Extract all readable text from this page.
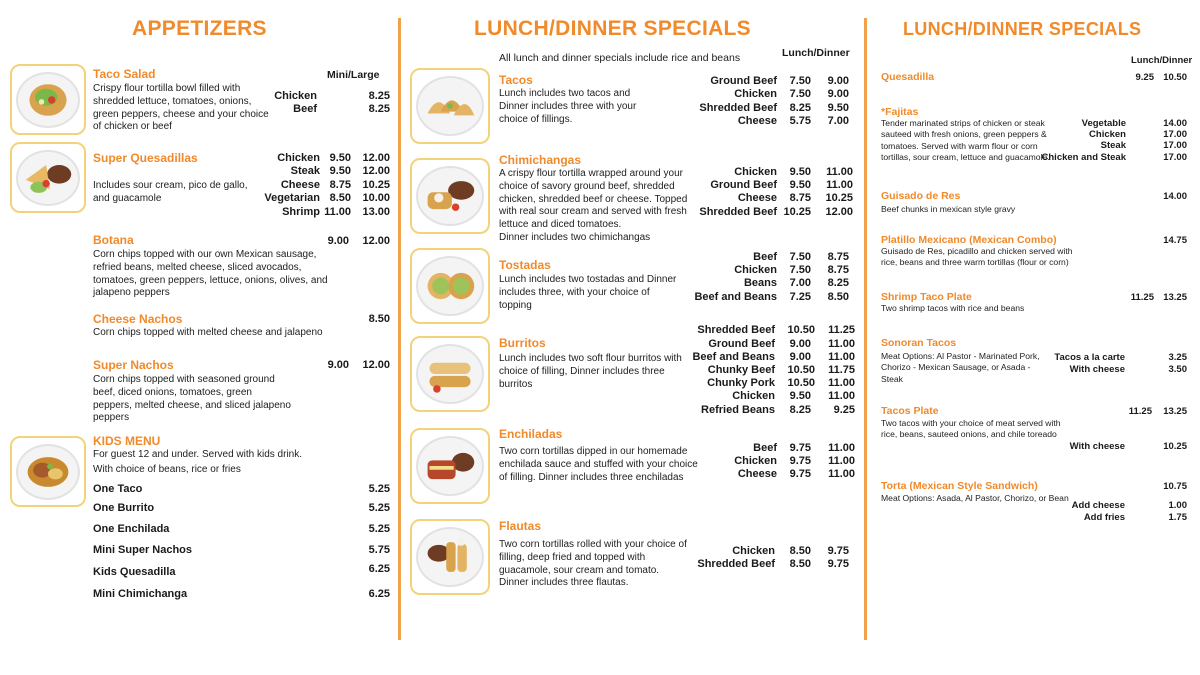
APPETIZERS
Taco Salad	Mini/Large
Crispy flour tortilla bowl filled with shredded lettuce, tomatoes, onions, green peppers, cheese and your choice of chicken or beef
Chicken	8.25
Beef	8.25
Super Quesadillas
Includes sour cream, pico de gallo, and guacamole
Chicken 9.50 12.00
Steak 9.50 12.00
Cheese 8.75 10.25
Vegetarian 8.50 10.00
Shrimp 11.00 13.00
Botana	9.00 12.00
Corn chips topped with our own Mexican sausage, refried beans, melted cheese, sliced avocados, tomatoes, green peppers, lettuce, onions, olives, and jalapeno peppers
Cheese Nachos	8.50
Corn chips topped with melted cheese and jalapeno
Super Nachos	9.00 12.00
Corn chips topped with seasoned ground beef, diced onions, tomatoes, green peppers, melted cheese, and sliced jalapeno peppers
KIDS MENU
For guest 12 and under. Served with kids drink.
With choice of beans, rice or fries
One Taco	5.25
One Burrito	5.25
One Enchilada	5.25
Mini Super Nachos	5.75
Kids Quesadilla	6.25
Mini Chimichanga	6.25
LUNCH/DINNER SPECIALS
All lunch and dinner specials include rice and beans	Lunch/Dinner
Tacos
Lunch includes two tacos and Dinner includes three with your choice of fillings.
Ground Beef 7.50 9.00
Chicken 7.50 9.00
Shredded Beef 8.25 9.50
Cheese 5.75 7.00
Chimichangas
A crispy flour tortilla wrapped around your choice of savory ground beef, shredded chicken, shredded beef or cheese. Topped with real sour cream and served with fresh lettuce and diced tomatoes.
Dinner includes two chimichangas
Chicken 9.50 11.00
Ground Beef 9.50 11.00
Cheese 8.75 10.25
Shredded Beef 10.25 12.00
Tostadas
Lunch includes two tostadas and Dinner includes three, with your choice of topping
Beef 7.50 8.75
Chicken 7.50 8.75
Beans 7.00 8.25
Beef and Beans 7.25 8.50
Burritos
Lunch includes two soft flour burritos with choice of filling, Dinner includes three burritos
Shredded Beef 10.50 11.25
Ground Beef 9.00 11.00
Beef and Beans 9.00 11.00
Chunky Beef 10.50 11.75
Chunky Pork 10.50 11.00
Chicken 9.50 11.00
Refried Beans 8.25 9.25
Enchiladas
Two corn tortillas dipped in our homemade enchilada sauce and stuffed with your choice of filling. Dinner includes three enchiladas
Beef 9.75 11.00
Chicken 9.75 11.00
Cheese 9.75 11.00
Flautas
Two corn tortillas rolled with your choice of filling, deep fried and topped with guacamole, sour cream and tomato. Dinner includes three flautas.
Chicken 8.50 9.75
Shredded Beef 8.50 9.75
LUNCH/DINNER SPECIALS
Lunch/Dinner
Quesadilla	9.25 10.50
*Fajitas
Tender marinated strips of chicken or steak sauteed with fresh onions, green peppers & tomatoes. Served with warm flour or corn tortillas, sour cream, lettuce and guacamole.
Vegetable	14.00
Chicken	17.00
Steak	17.00
Chicken and Steak	17.00
Guisado de Res	14.00
Beef chunks in mexican style gravy
Platillo Mexicano (Mexican Combo)	14.75
Guisado de Res, picadillo and chicken served with rice, beans and three warm tortillas (flour or corn)
Shrimp Taco Plate	11.25 13.25
Two shrimp tacos with rice and beans
Sonoran Tacos
Meat Options: Al Pastor - Marinated Pork, Chorizo - Mexican Sausage, or Asada - Steak
Tacos a la carte	3.25
With cheese	3.50
Tacos Plate	11.25 13.25
Two tacos with your choice of meat served with rice, beans, sauteed onions, and chile toreado
With cheese	10.25
Torta (Mexican Style Sandwich)	10.75
Meat Options: Asada, Al Pastor, Chorizo, or Bean
Add cheese	1.00
Add fries	1.75
